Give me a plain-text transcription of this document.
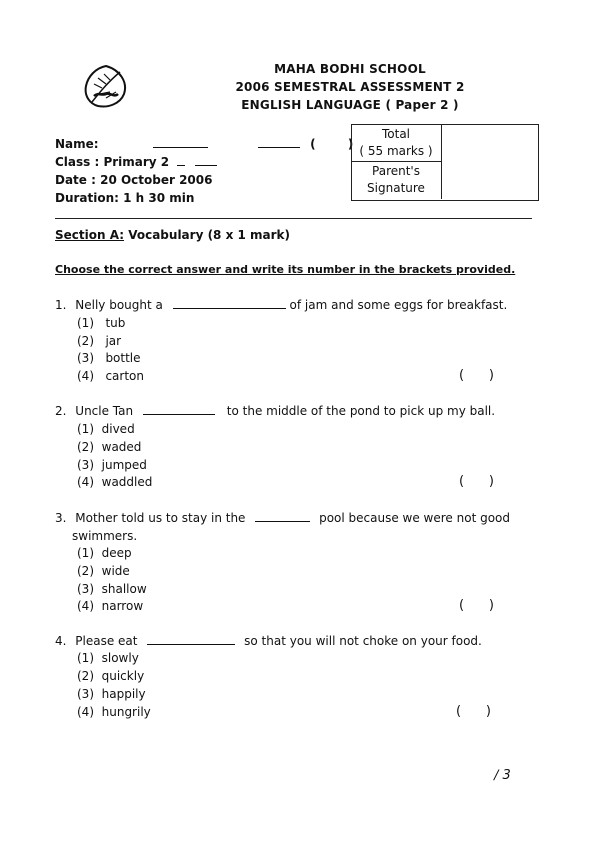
MAHA BODHI SCHOOL
2006 SEMESTRAL ASSESSMENT 2
ENGLISH LANGUAGE ( Paper 2 )
Name:	(	)
Class : Primary 2
Date : 20 October 2006
Duration: 1 h 30 min
Total
( 55 marks )
Parent's
Signature
Section A: Vocabulary (8 x 1 mark)
Choose the correct answer and write its number in the brackets provided.
1. Nelly bought a	of jam and some eggs for breakfast.
(1)   tub
(2)   jar
(3)   bottle
(4)   carton	(      )
2. Uncle Tan	to the middle of the pond to pick up my ball.
(1)  dived
(2)  waded
(3)  jumped
(4)  waddled	(      )
3. Mother told us to stay in the	pool because we were not good
swimmers.
(1)  deep
(2)  wide
(3)  shallow
(4)  narrow	(      )
4. Please eat	so that you will not choke on your food.
(1)  slowly
(2)  quickly
(3)  happily
(4)  hungrily	(      )
∕ 3
